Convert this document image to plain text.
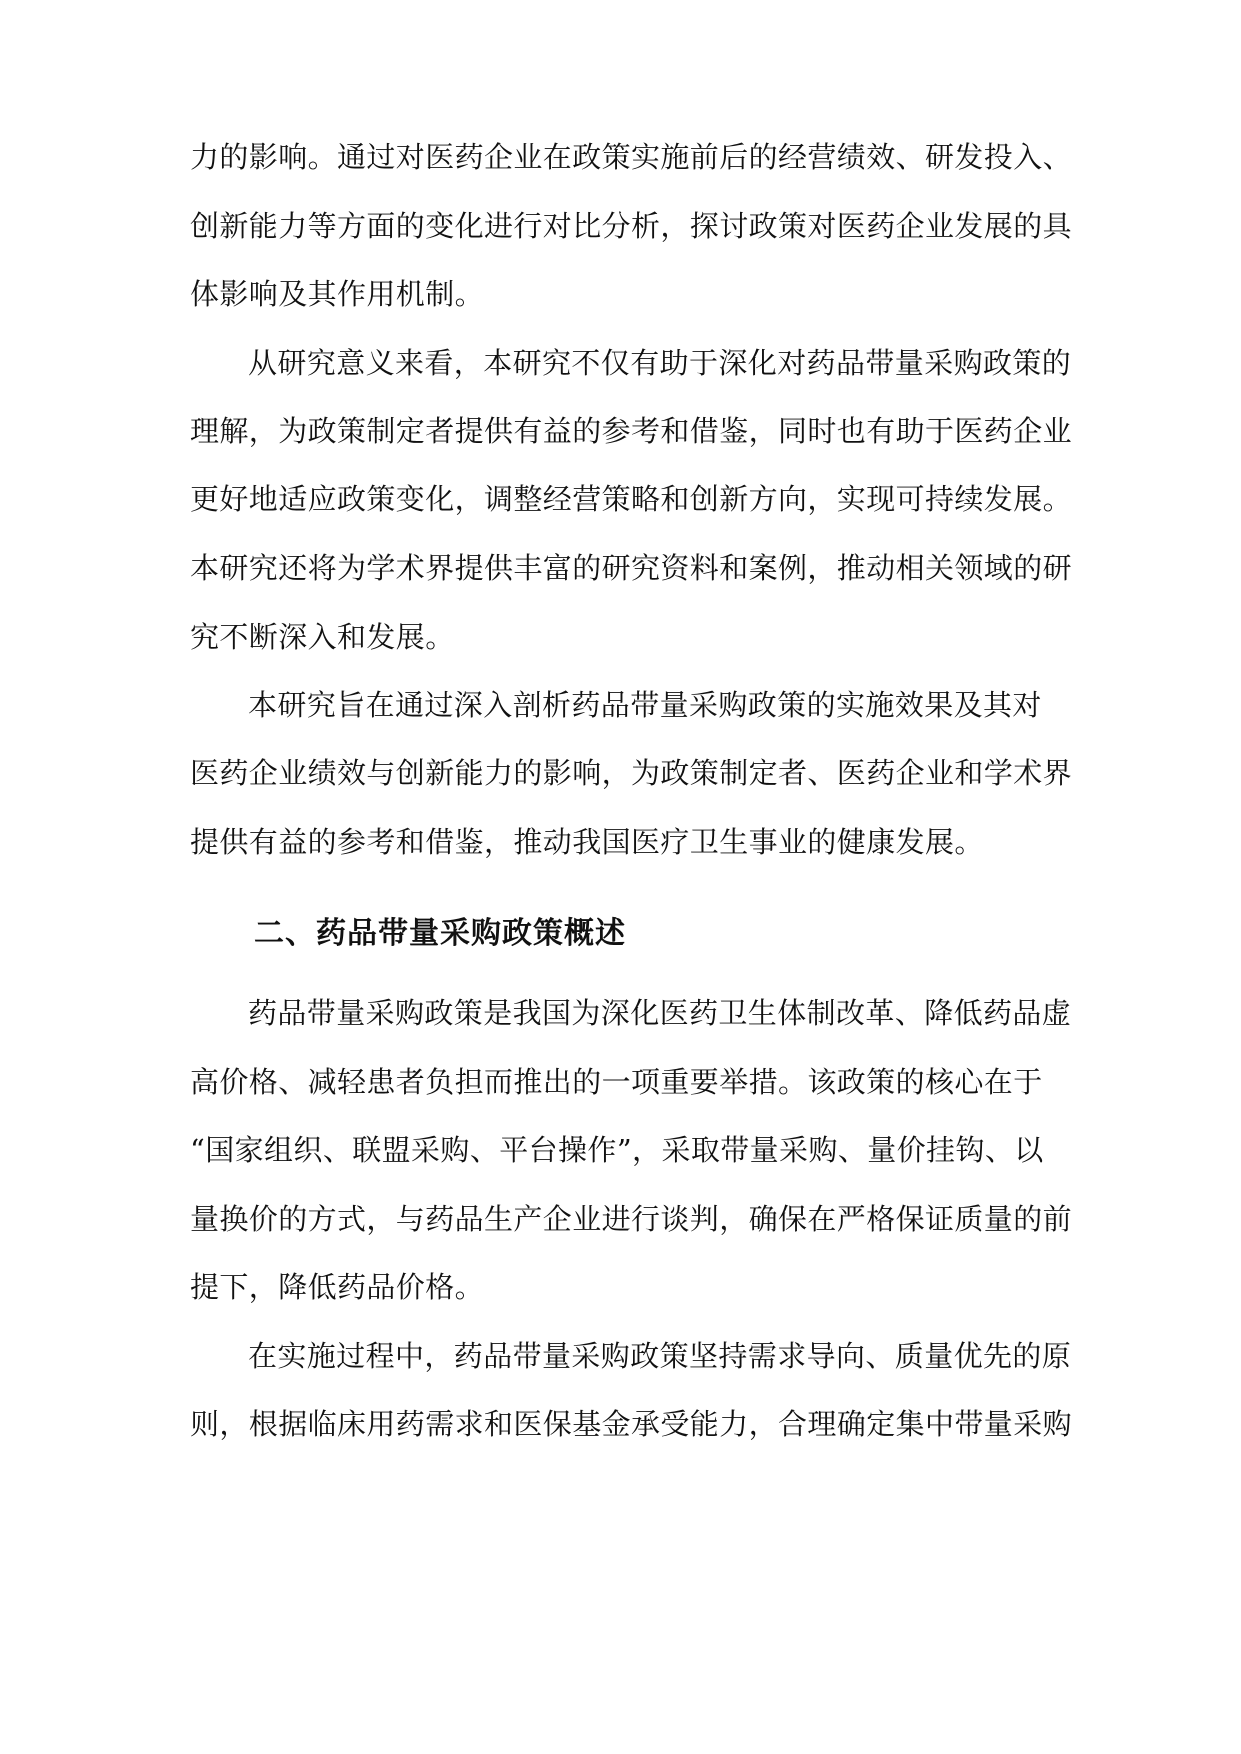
力的影响。通过对医药企业在政策实施前后的经营绩效、研发投入、
创新能力等方面的变化进行对比分析，探讨政策对医药企业发展的具
体影响及其作用机制。
从研究意义来看，本研究不仅有助于深化对药品带量采购政策的
理解，为政策制定者提供有益的参考和借鉴，同时也有助于医药企业
更好地适应政策变化，调整经营策略和创新方向，实现可持续发展。
本研究还将为学术界提供丰富的研究资料和案例，推动相关领域的研
究不断深入和发展。
本研究旨在通过深入剖析药品带量采购政策的实施效果及其对
医药企业绩效与创新能力的影响，为政策制定者、医药企业和学术界
提供有益的参考和借鉴，推动我国医疗卫生事业的健康发展。
二、药品带量采购政策概述
药品带量采购政策是我国为深化医药卫生体制改革、降低药品虚
高价格、减轻患者负担而推出的一项重要举措。该政策的核心在于
“国家组织、联盟采购、平台操作”，采取带量采购、量价挂钩、以
量换价的方式，与药品生产企业进行谈判，确保在严格保证质量的前
提下，降低药品价格。
在实施过程中，药品带量采购政策坚持需求导向、质量优先的原
则，根据临床用药需求和医保基金承受能力，合理确定集中带量采购
